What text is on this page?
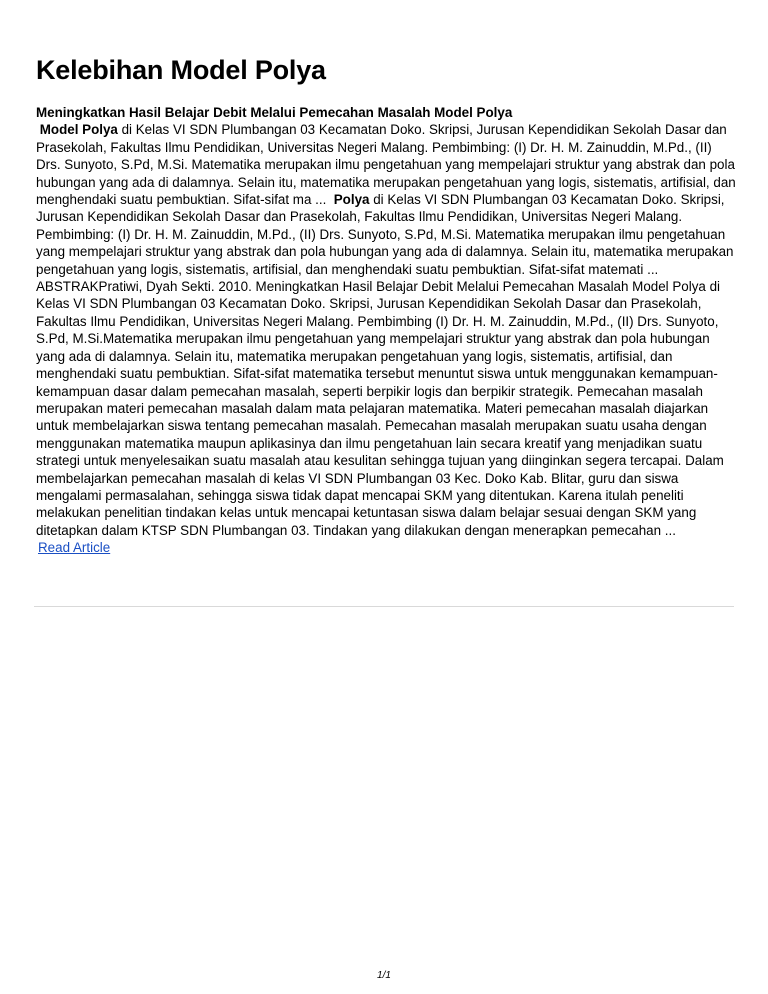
Kelebihan Model Polya

Meningkatkan Hasil Belajar Debit Melalui Pemecahan Masalah Model Polya

Model Polya di Kelas VI SDN Plumbangan 03 Kecamatan Doko. Skripsi, Jurusan Kependidikan Sekolah Dasar dan Prasekolah, Fakultas Ilmu Pendidikan, Universitas Negeri Malang. Pembimbing: (I) Dr. H. M. Zainuddin, M.Pd., (II) Drs. Sunyoto, S.Pd, M.Si. Matematika merupakan ilmu pengetahuan yang mempelajari struktur yang abstrak dan pola hubungan yang ada di dalamnya. Selain itu, matematika merupakan pengetahuan yang logis, sistematis, artifisial, dan menghendaki suatu pembuktian. Sifat-sifat ma ...  Polya di Kelas VI SDN Plumbangan 03 Kecamatan Doko. Skripsi, Jurusan Kependidikan Sekolah Dasar dan Prasekolah, Fakultas Ilmu Pendidikan, Universitas Negeri Malang. Pembimbing: (I) Dr. H. M. Zainuddin, M.Pd., (II) Drs. Sunyoto, S.Pd, M.Si. Matematika merupakan ilmu pengetahuan yang mempelajari struktur yang abstrak dan pola hubungan yang ada di dalamnya. Selain itu, matematika merupakan pengetahuan yang logis, sistematis, artifisial, dan menghendaki suatu pembuktian. Sifat-sifat matemati ...

ABSTRAKPratiwi, Dyah Sekti. 2010. Meningkatkan Hasil Belajar Debit Melalui Pemecahan Masalah Model Polya di Kelas VI SDN Plumbangan 03 Kecamatan Doko. Skripsi, Jurusan Kependidikan Sekolah Dasar dan Prasekolah, Fakultas Ilmu Pendidikan, Universitas Negeri Malang. Pembimbing (I) Dr. H. M. Zainuddin, M.Pd., (II) Drs. Sunyoto, S.Pd, M.Si.Matematika merupakan ilmu pengetahuan yang mempelajari struktur yang abstrak dan pola hubungan yang ada di dalamnya. Selain itu, matematika merupakan pengetahuan yang logis, sistematis, artifisial, dan menghendaki suatu pembuktian. Sifat-sifat matematika tersebut menuntut siswa untuk menggunakan kemampuan-kemampuan dasar dalam pemecahan masalah, seperti berpikir logis dan berpikir strategik. Pemecahan masalah merupakan materi pemecahan masalah dalam mata pelajaran matematika. Materi pemecahan masalah diajarkan untuk membelajarkan siswa tentang pemecahan masalah. Pemecahan masalah merupakan suatu usaha dengan menggunakan matematika maupun aplikasinya dan ilmu pengetahuan lain secara kreatif yang menjadikan suatu strategi untuk menyelesaikan suatu masalah atau kesulitan sehingga tujuan yang diinginkan segera tercapai. Dalam membelajarkan pemecahan masalah di kelas VI SDN Plumbangan 03 Kec. Doko Kab. Blitar, guru dan siswa mengalami permasalahan, sehingga siswa tidak dapat mencapai SKM yang ditentukan. Karena itulah peneliti melakukan penelitian tindakan kelas untuk mencapai ketuntasan siswa dalam belajar sesuai dengan SKM yang ditetapkan dalam KTSP SDN Plumbangan 03. Tindakan yang dilakukan dengan menerapkan pemecahan ...

Read Article
1/1
